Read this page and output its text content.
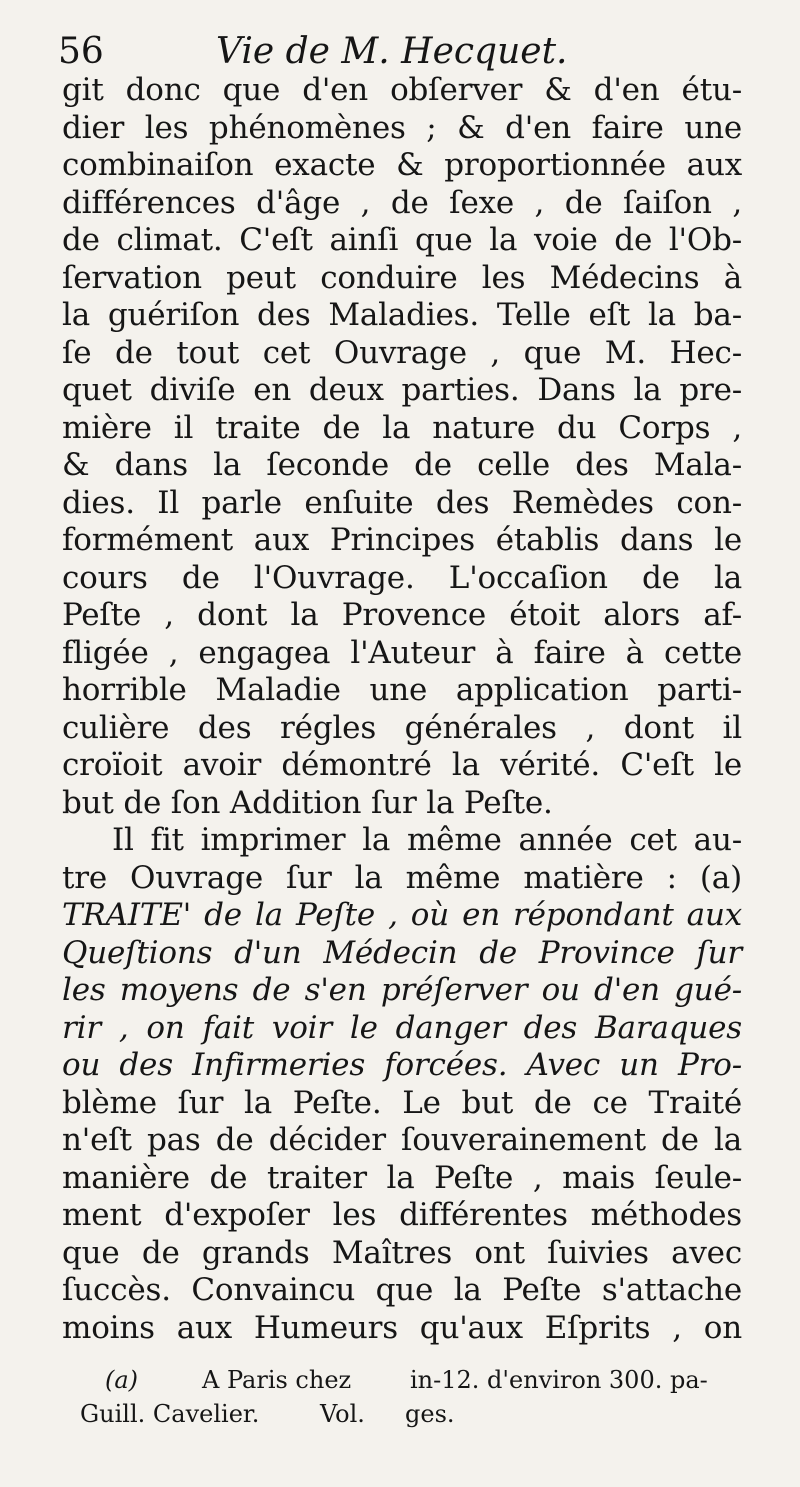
56	Vie de M. Hecquet.
git donc que d'en obſerver & d'en étu-
dier les phénomènes ; & d'en faire une
combinaiſon exacte & proportionnée aux
différences d'âge , de ſexe , de ſaiſon ,
de climat. C'eſt ainſi que la voie de l'Ob-
ſervation peut conduire les Médecins à
la guériſon des Maladies. Telle eſt la ba-
ſe de tout cet Ouvrage , que M. Hec-
quet diviſe en deux parties. Dans la pre-
mière il traite de la nature du Corps ,
& dans la ſeconde de celle des Mala-
dies. Il parle enſuite des Remèdes con-
formément aux Principes établis dans le
cours de l'Ouvrage. L'occaſion de la
Peſte , dont la Provence étoit alors af-
fligée , engagea l'Auteur à faire à cette
horrible Maladie une application parti-
culière des régles générales , dont il
croïoit avoir démontré la vérité. C'eſt le
but de ſon Addition ſur la Peſte.
Il fit imprimer la même année cet au-
tre Ouvrage ſur la même matière : (a)
TRAITE' de la Peſte , où en répondant aux
Queſtions d'un Médecin de Province ſur
les moyens de s'en préſerver ou d'en gué-
rir , on fait voir le danger des Baraques
ou des Infirmeries forcées. Avec un Pro-
blème ſur la Peſte. Le but de ce Traité
n'eſt pas de décider ſouverainement de la
manière de traiter la Peſte , mais ſeule-
ment d'expoſer les différentes méthodes
que de grands Maîtres ont ſuivies avec
ſuccès. Convaincu que la Peſte s'attache
moins aux Humeurs qu'aux Eſprits , on
(a)	A Paris chez in-12. d'environ 300. pa-
Guill. Cavelier.	Vol. ges.
